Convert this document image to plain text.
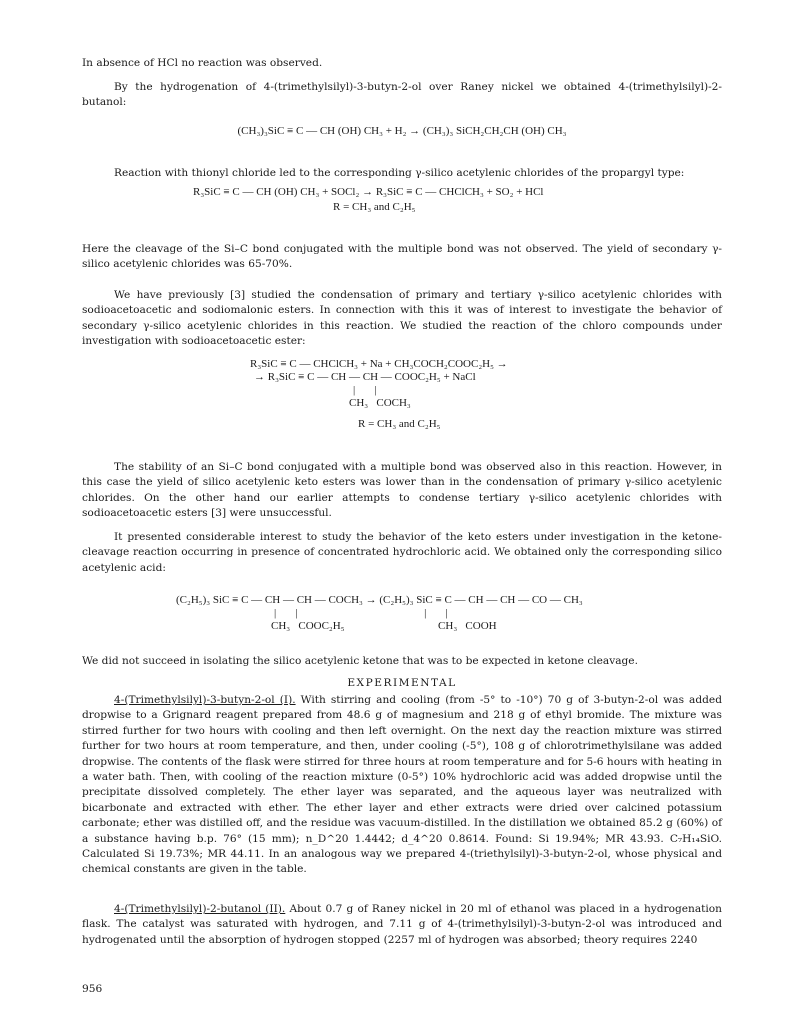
In absence of HCl no reaction was observed.

By the hydrogenation of 4-(trimethylsilyl)-3-butyn-2-ol over Raney nickel we obtained 4-(trimethylsilyl)-2-butanol:

(CH₃)₃SiC ≡ C — CH (OH) CH₃ + H₂ → (CH₃)₃ SiCH₂CH₂CH (OH) CH₃

Reaction with thionyl chloride led to the corresponding γ-silico acetylenic chlorides of the propargyl type:

R₃SiC ≡ C — CH (OH) CH₃ + SOCl₂ → R₃SiC ≡ C — CHClCH₃ + SO₂ + HCl
R = CH₃ and C₂H₅

Here the cleavage of the Si–C bond conjugated with the multiple bond was not observed. The yield of secondary γ-silico acetylenic chlorides was 65-70%.

We have previously [3] studied the condensation of primary and tertiary γ-silico acetylenic chlorides with sodioacetoacetic and sodiomalonic esters. In connection with this it was of interest to investigate the behavior of secondary γ-silico acetylenic chlorides in this reaction. We studied the reaction of the chloro compounds under investigation with sodioacetoacetic ester:

R₃SiC ≡ C — CHClCH₃ + Na + CH₃COCH₂COOC₂H₅ →
→ R₃SiC ≡ C — CH — CH — COOC₂H₅ + NaCl
|       |
CH₃   COCH₃
R = CH₃ and C₂H₅

The stability of an Si–C bond conjugated with a multiple bond was observed also in this reaction. However, in this case the yield of silico acetylenic keto esters was lower than in the condensation of primary γ-silico acetylenic chlorides. On the other hand our earlier attempts to condense tertiary γ-silico acetylenic chlorides with sodioacetoacetic esters [3] were unsuccessful.

It presented considerable interest to study the behavior of the keto esters under investigation in the ketone-cleavage reaction occurring in presence of concentrated hydrochloric acid. We obtained only the corresponding silico acetylenic acid:

(C₂H₅)₃ SiC ≡ C — CH — CH — COCH₃ → (C₂H₅)₃ SiC ≡ C — CH — CH — CO — CH₃
|       |                                              |       |
CH₃   COOC₂H₅                                  CH₃   COOH

We did not succeed in isolating the silico acetylenic ketone that was to be expected in ketone cleavage.

EXPERIMENTAL

4-(Trimethylsilyl)-3-butyn-2-ol (I). With stirring and cooling (from -5° to -10°) 70 g of 3-butyn-2-ol was added dropwise to a Grignard reagent prepared from 48.6 g of magnesium and 218 g of ethyl bromide. The mixture was stirred further for two hours with cooling and then left overnight. On the next day the reaction mixture was stirred further for two hours at room temperature, and then, under cooling (-5°), 108 g of chlorotrimethylsilane was added dropwise. The contents of the flask were stirred for three hours at room temperature and for 5-6 hours with heating in a water bath. Then, with cooling of the reaction mixture (0-5°) 10% hydrochloric acid was added dropwise until the precipitate dissolved completely. The ether layer was separated, and the aqueous layer was neutralized with bicarbonate and extracted with ether. The ether layer and ether extracts were dried over calcined potassium carbonate; ether was distilled off, and the residue was vacuum-distilled. In the distillation we obtained 85.2 g (60%) of a substance having b.p. 76° (15 mm); n_D^20 1.4442; d_4^20 0.8614. Found: Si 19.94%; MR 43.93. C₇H₁₄SiO. Calculated Si 19.73%; MR 44.11. In an analogous way we prepared 4-(triethylsilyl)-3-butyn-2-ol, whose physical and chemical constants are given in the table.

4-(Trimethylsilyl)-2-butanol (II). About 0.7 g of Raney nickel in 20 ml of ethanol was placed in a hydrogenation flask. The catalyst was saturated with hydrogen, and 7.11 g of 4-(trimethylsilyl)-3-butyn-2-ol was introduced and hydrogenated until the absorption of hydrogen stopped (2257 ml of hydrogen was absorbed; theory requires 2240

956
